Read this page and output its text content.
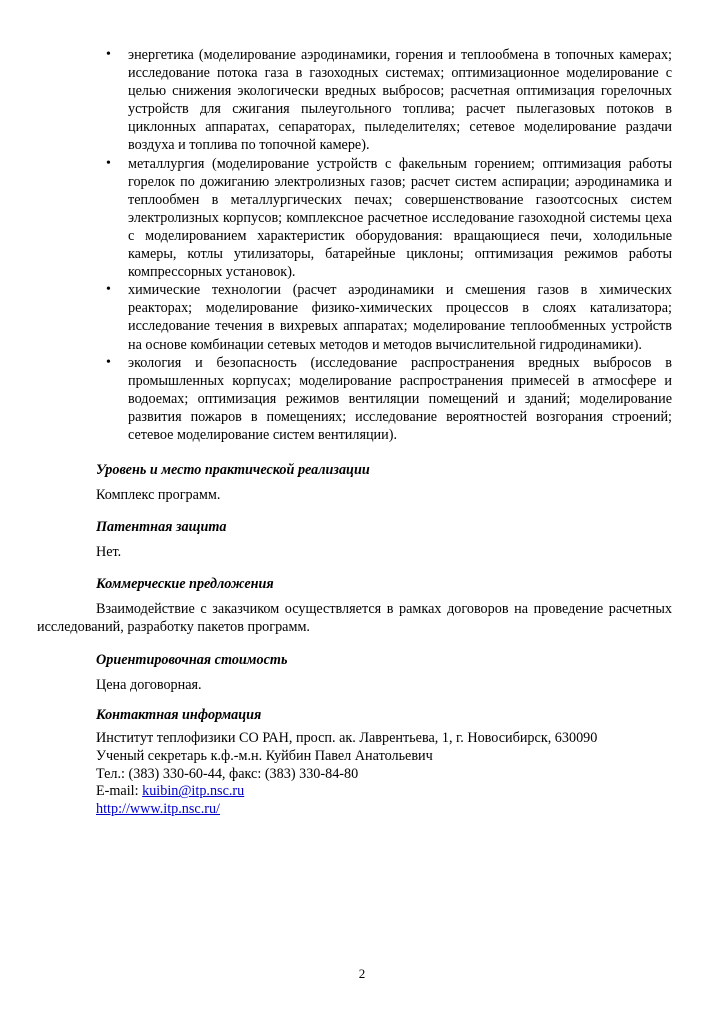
• энергетика (моделирование аэродинамики, горения и теплообмена в топочных камерах; исследование потока газа в газоходных системах; оптимизационное моделирование с целью снижения экологически вредных выбросов; расчетная оптимизация горелочных устройств для сжигания пылеугольного топлива; расчет пылегазовых потоков в циклонных аппаратах, сепараторах, пыледелителях; сетевое моделирование раздачи воздуха и топлива по топочной камере).
• металлургия (моделирование устройств с факельным горением; оптимизация работы горелок по дожиганию электролизных газов; расчет систем аспирации; аэродинамика и теплообмен в металлургических печах; совершенствование газоотсосных систем электролизных корпусов; комплексное расчетное исследование газоходной системы цеха с моделированием характеристик оборудования: вращающиеся печи, холодильные камеры, котлы утилизаторы, батарейные циклоны; оптимизация режимов работы компрессорных установок).
• химические технологии (расчет аэродинамики и смешения газов в химических реакторах; моделирование физико-химических процессов в слоях катализатора; исследование течения в вихревых аппаратах; моделирование теплообменных устройств на основе комбинации сетевых методов и методов вычислительной гидродинамики).
• экология и безопасность (исследование распространения вредных выбросов в промышленных корпусах; моделирование распространения примесей в атмосфере и водоемах; оптимизация режимов вентиляции помещений и зданий; моделирование развития пожаров в помещениях; исследование вероятностей возгорания строений; сетевое моделирование систем вентиляции).
Уровень и место практической реализации
Комплекс программ.
Патентная защита
Нет.
Коммерческие предложения
Взаимодействие с заказчиком осуществляется в рамках договоров на проведение расчетных исследований, разработку пакетов программ.
Ориентировочная стоимость
Цена договорная.
Контактная информация
Институт теплофизики СО РАН, просп. ак. Лаврентьева, 1, г. Новосибирск, 630090
Ученый секретарь к.ф.-м.н. Куйбин Павел Анатольевич
Тел.: (383) 330-60-44, факс: (383) 330-84-80
E-mail: kuibin@itp.nsc.ru
http://www.itp.nsc.ru/
2
